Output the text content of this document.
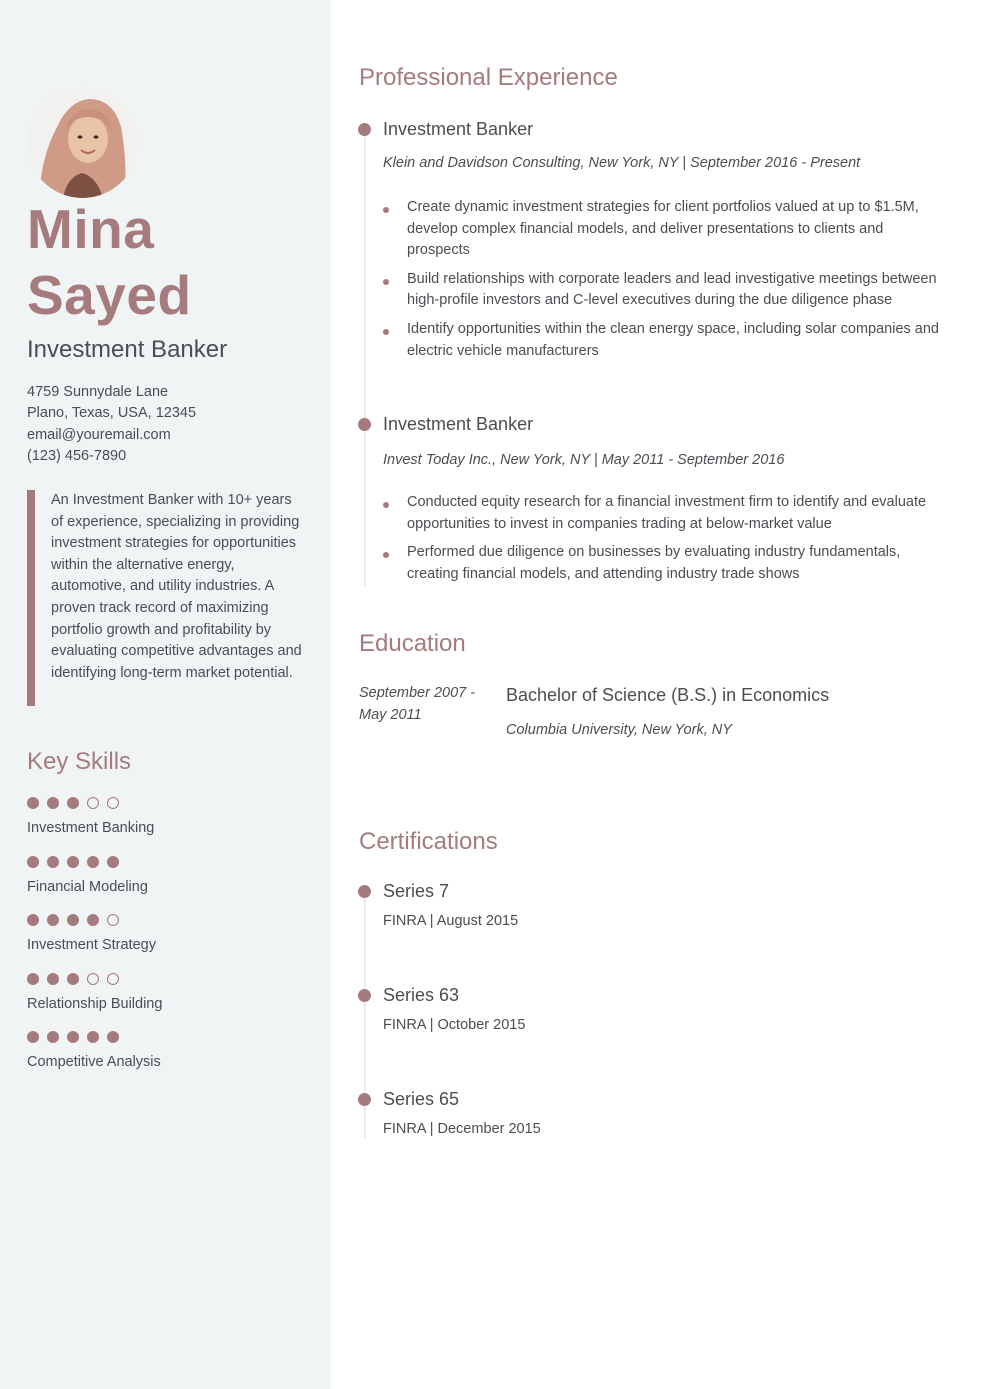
Mina
Sayed
Investment Banker
4759 Sunnydale Lane
Plano, Texas, USA, 12345
email@youremail.com
(123) 456-7890
An Investment Banker with 10+ years of experience, specializing in providing investment strategies for opportunities within the alternative energy, automotive, and utility industries. A proven track record of maximizing portfolio growth and profitability by evaluating competitive advantages and identifying long-term market potential.
Key Skills
Investment Banking
Financial Modeling
Investment Strategy
Relationship Building
Competitive Analysis
Professional Experience
Investment Banker
Klein and Davidson Consulting, New York, NY | September 2016 - Present
Create dynamic investment strategies for client portfolios valued at up to $1.5M, develop complex financial models, and deliver presentations to clients and prospects
Build relationships with corporate leaders and lead investigative meetings between high-profile investors and C-level executives during the due diligence phase
Identify opportunities within the clean energy space, including solar companies and electric vehicle manufacturers
Investment Banker
Invest Today Inc., New York, NY | May 2011 - September 2016
Conducted equity research for a financial investment firm to identify and evaluate opportunities to invest in companies trading at below-market value
Performed due diligence on businesses by evaluating industry fundamentals, creating financial models, and attending industry trade shows
Education
September 2007 -
May 2011
Bachelor of Science (B.S.) in Economics
Columbia University, New York, NY
Certifications
Series 7
FINRA | August 2015
Series 63
FINRA | October 2015
Series 65
FINRA | December 2015
